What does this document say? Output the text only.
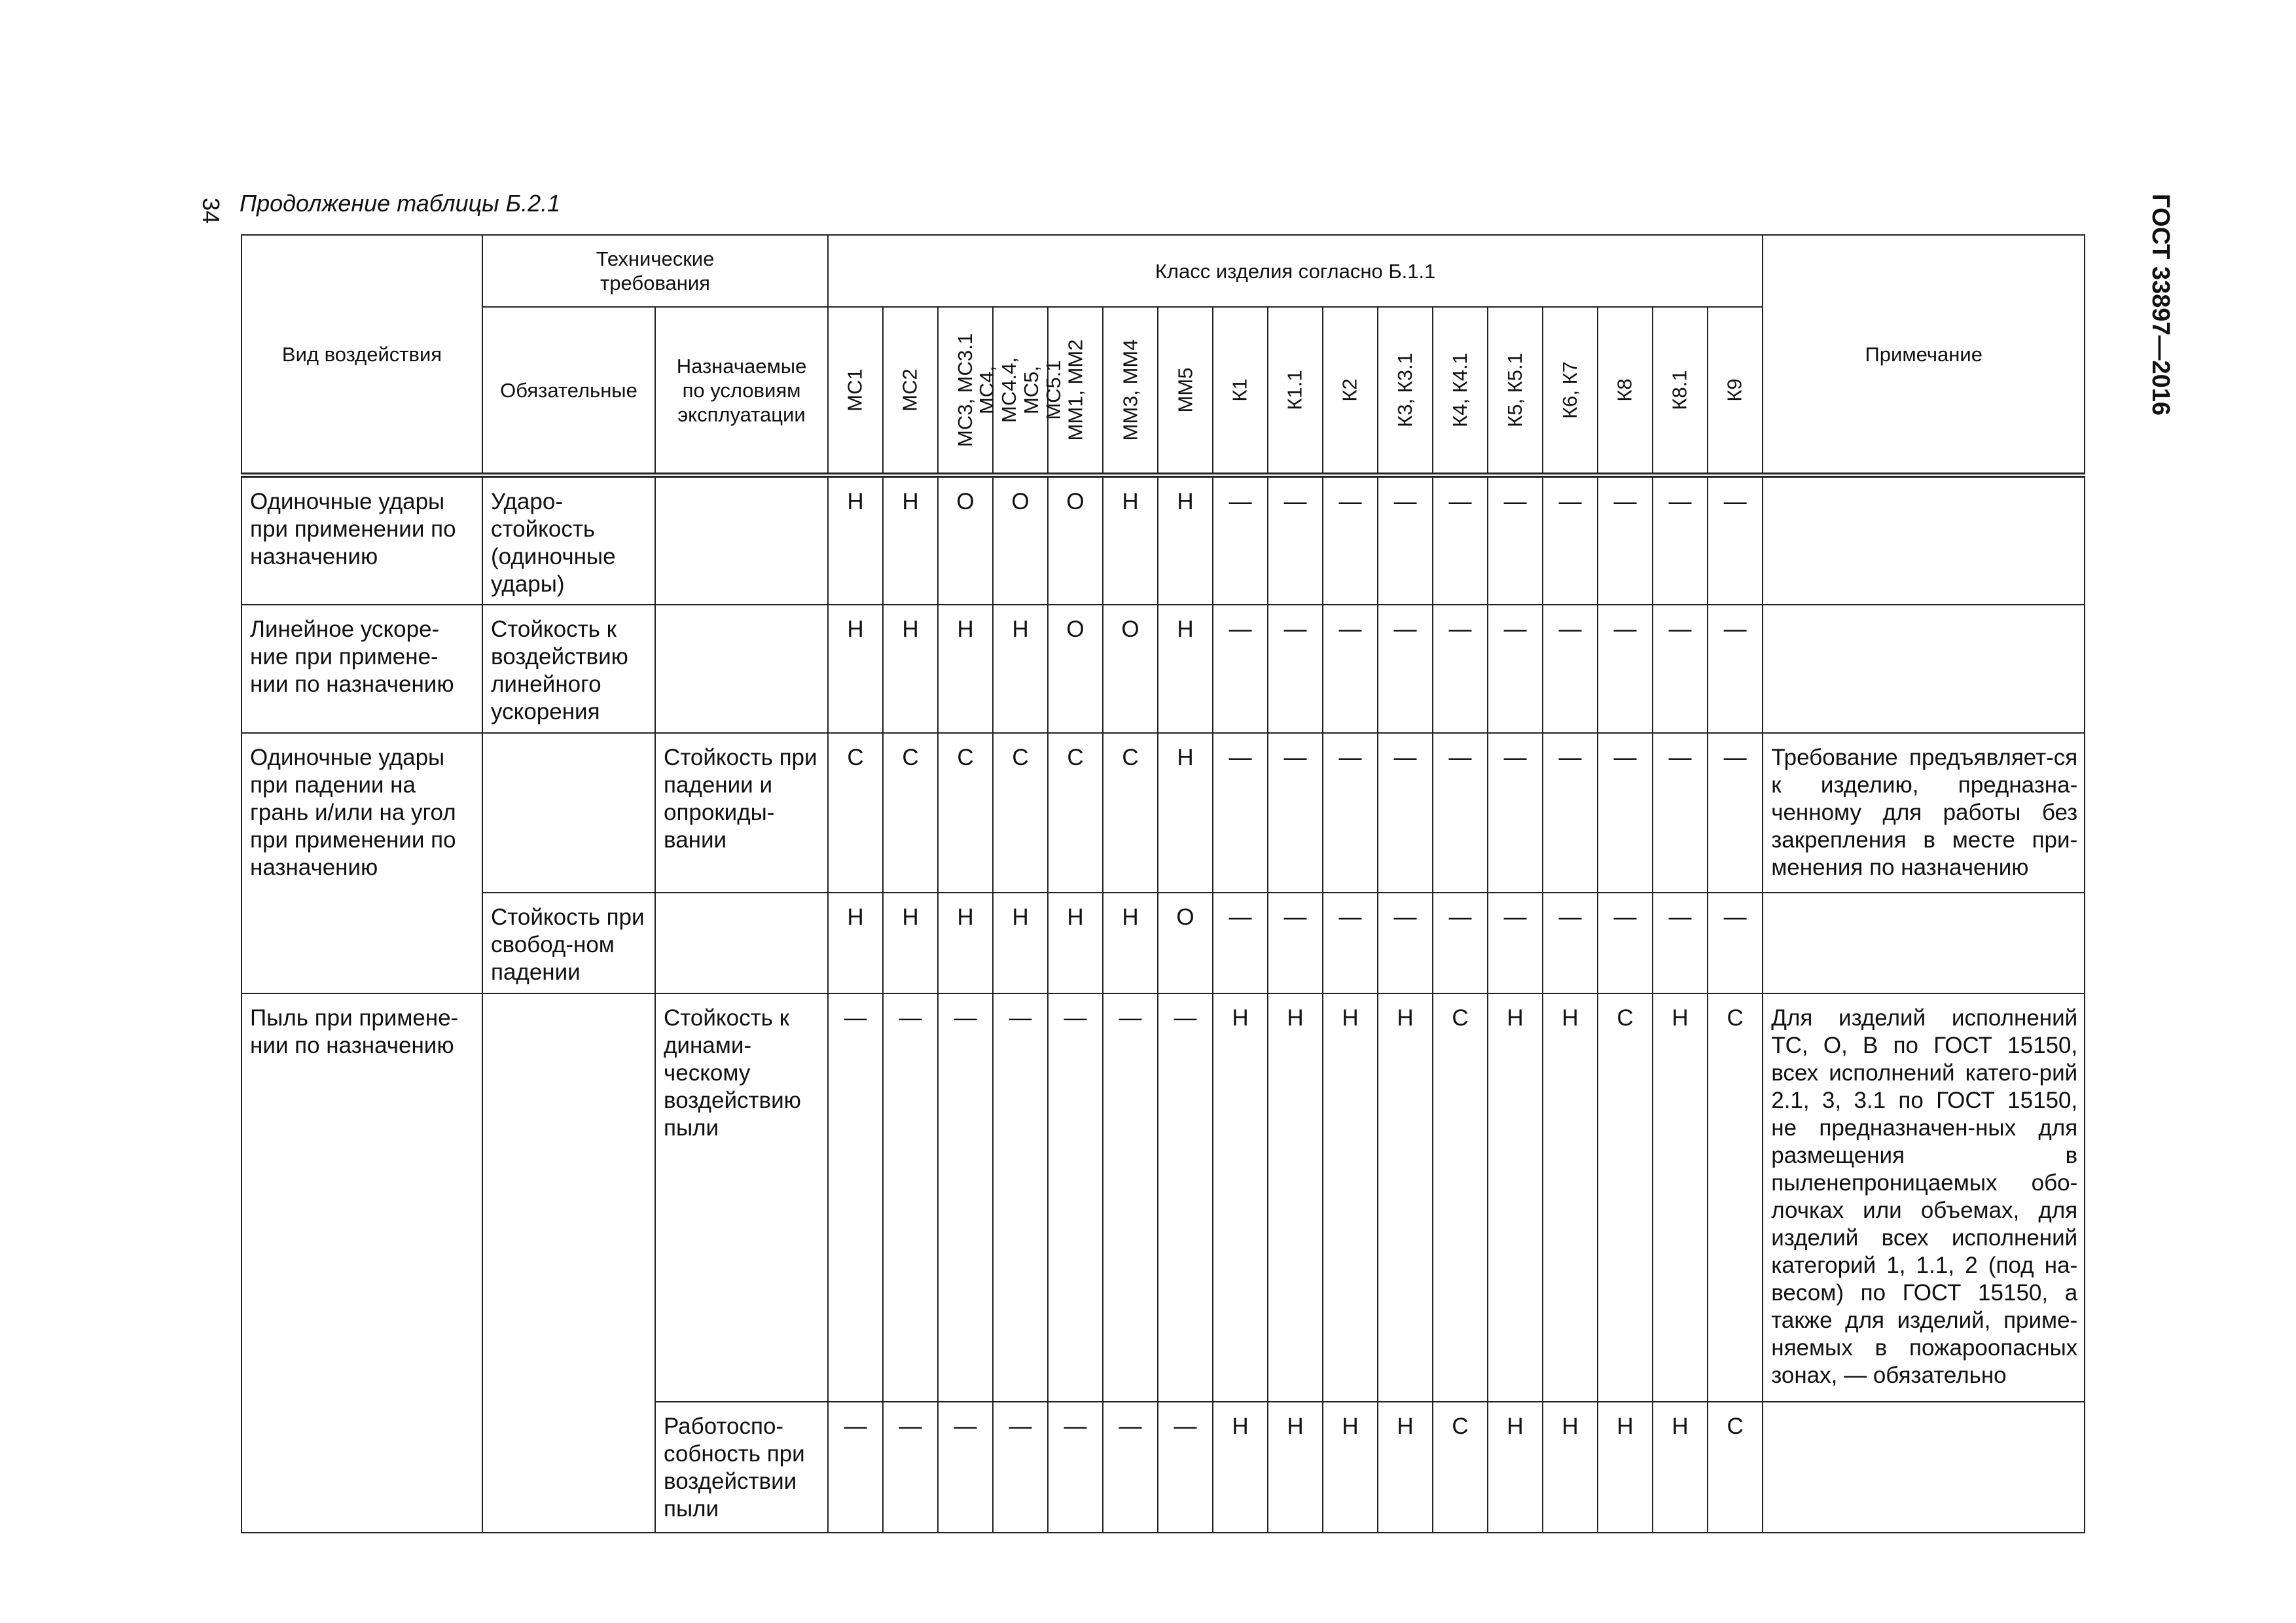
34 Продолжение таблицы Б.2.1	ГОСТ 33897—2016
Вид воздействия	Технические требования		Класс изделия согласно Б.1.1																	Примечание
	Обязательные	Назначаемые по условиям эксплуатации	МС1	МС2	МС3, МС3.1	МС4, МС4.4, МС5, МС5.1	ММ1, ММ2	ММ3, ММ4	ММ5	К1	К1.1	К2	К3, К3.1	К4, К4.1	К5, К5.1	К6, К7	К8	К8.1	К9	

Одиночные удары при применении по назначению	Ударо-стойкость (одиночные удары)		Н	Н	О	О	О	Н	Н	—	—	—	—	—	—	—	—	—	—	

Линейное ускоре-ние при примене-нии по назначению	Стойкость к воздействию линейного ускорения		Н	Н	Н	Н	О	О	Н	—	—	—	—	—	—	—	—	—	—	

Одиночные удары при падении на грань и/или на угол при применении по назначению		Стойкость при падении и опрокиды-вании	С	С	С	С	С	С	Н	—	—	—	—	—	—	—	—	—	—	Требование предъявляет-ся к изделию, предназна-ченному для работы без закрепления в месте при-менения по назначению

	Стойкость при свобод-ном падении		Н	Н	Н	Н	Н	Н	О	—	—	—	—	—	—	—	—	—	—	

Пыль при примене-нии по назначению		Стойкость к динами-ческому воздействию пыли	—	—	—	—	—	—	—	Н	Н	Н	Н	С	Н	Н	С	Н	С	Для изделий исполнений ТС, О, В по ГОСТ 15150, всех исполнений катего-рий 2.1, 3, 3.1 по ГОСТ 15150, не предназначен-ных для размещения в пыленепроницаемых обо-лочках или объемах, для изделий всех исполнений категорий 1, 1.1, 2 (под на-весом) по ГОСТ 15150, а также для изделий, приме-няемых в пожароопасных зонах, — обязательно

		Работоспо-собность при воздействии пыли	—	—	—	—	—	—	—	Н	Н	Н	Н	С	Н	Н	Н	Н	С	
